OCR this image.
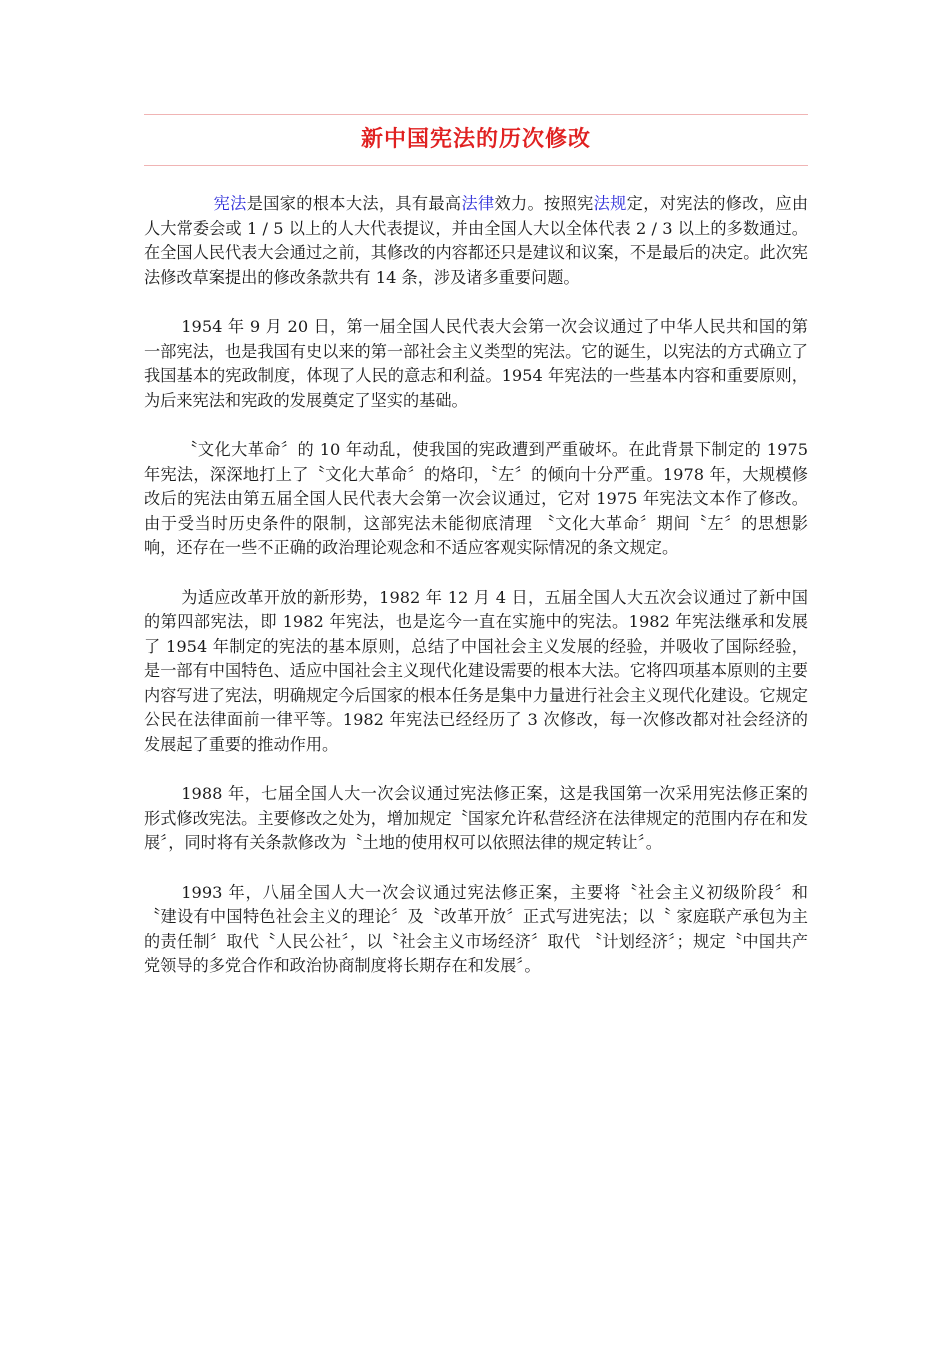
新中国宪法的历次修改

宪法是国家的根本大法，具有最高法律效力。按照宪法规定，对宪法的修改，应由人大常委会或 1 / 5 以上的人大代表提议，并由全国人大以全体代表 2 / 3 以上的多数通过。在全国人民代表大会通过之前，其修改的内容都还只是建议和议案，不是最后的决定。此次宪法修改草案提出的修改条款共有 14 条，涉及诸多重要问题。

1954 年 9 月 20 日，第一届全国人民代表大会第一次会议通过了中华人民共和国的第一部宪法，也是我国有史以来的第一部社会主义类型的宪法。它的诞生，以宪法的方式确立了我国基本的宪政制度，体现了人民的意志和利益。1954 年宪法的一些基本内容和重要原则，为后来宪法和宪政的发展奠定了坚实的基础。

〝文化大革命〞的 10 年动乱，使我国的宪政遭到严重破坏。在此背景下制定的 1975 年宪法，深深地打上了〝文化大革命〞的烙印，〝左〞的倾向十分严重。1978 年，大规模修改后的宪法由第五届全国人民代表大会第一次会议通过，它对 1975 年宪法文本作了修改。由于受当时历史条件的限制，这部宪法未能彻底清理 〝文化大革命〞期间〝左〞的思想影响，还存在一些不正确的政治理论观念和不适应客观实际情况的条文规定。

为适应改革开放的新形势，1982 年 12 月 4 日，五届全国人大五次会议通过了新中国的第四部宪法，即 1982 年宪法，也是迄今一直在实施中的宪法。1982 年宪法继承和发展了 1954 年制定的宪法的基本原则，总结了中国社会主义发展的经验，并吸收了国际经验，是一部有中国特色、适应中国社会主义现代化建设需要的根本大法。它将四项基本原则的主要内容写进了宪法，明确规定今后国家的根本任务是集中力量进行社会主义现代化建设。它规定公民在法律面前一律平等。1982 年宪法已经经历了 3 次修改，每一次修改都对社会经济的发展起了重要的推动作用。

1988 年，七届全国人大一次会议通过宪法修正案，这是我国第一次采用宪法修正案的形式修改宪法。主要修改之处为，增加规定〝国家允许私营经济在法律规定的范围内存在和发展〞，同时将有关条款修改为〝土地的使用权可以依照法律的规定转让〞。

1993 年，八届全国人大一次会议通过宪法修正案，主要将〝社会主义初级阶段〞和〝建设有中国特色社会主义的理论〞及〝改革开放〞正式写进宪法；以〝 家庭联产承包为主的责任制〞取代〝人民公社〞，以〝社会主义市场经济〞取代 〝计划经济〞；规定〝中国共产党领导的多党合作和政治协商制度将长期存在和发展〞。
